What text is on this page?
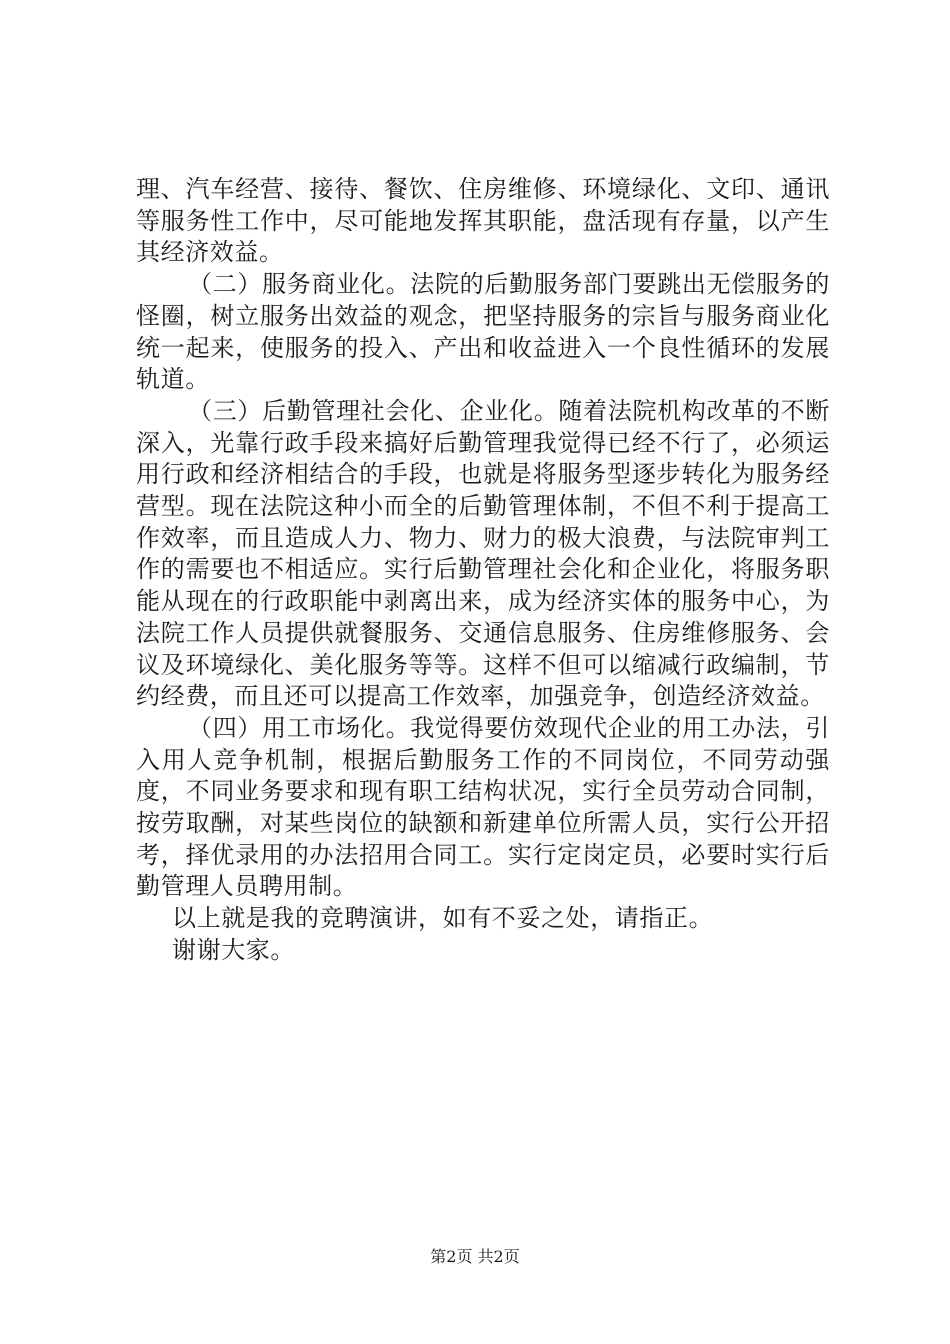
理、汽车经营、接待、餐饮、住房维修、环境绿化、文印、通讯等服务性工作中，尽可能地发挥其职能，盘活现有存量，以产生其经济效益。

（二）服务商业化。法院的后勤服务部门要跳出无偿服务的怪圈，树立服务出效益的观念，把坚持服务的宗旨与服务商业化统一起来，使服务的投入、产出和收益进入一个良性循环的发展轨道。

（三）后勤管理社会化、企业化。随着法院机构改革的不断深入，光靠行政手段来搞好后勤管理我觉得已经不行了，必须运用行政和经济相结合的手段，也就是将服务型逐步转化为服务经营型。现在法院这种小而全的后勤管理体制，不但不利于提高工作效率，而且造成人力、物力、财力的极大浪费，与法院审判工作的需要也不相适应。实行后勤管理社会化和企业化，将服务职能从现在的行政职能中剥离出来，成为经济实体的服务中心，为法院工作人员提供就餐服务、交通信息服务、住房维修服务、会议及环境绿化、美化服务等等。这样不但可以缩减行政编制，节约经费，而且还可以提高工作效率，加强竞争，创造经济效益。

（四）用工市场化。我觉得要仿效现代企业的用工办法，引入用人竞争机制，根据后勤服务工作的不同岗位，不同劳动强度，不同业务要求和现有职工结构状况，实行全员劳动合同制，按劳取酬，对某些岗位的缺额和新建单位所需人员，实行公开招考，择优录用的办法招用合同工。实行定岗定员，必要时实行后勤管理人员聘用制。

以上就是我的竞聘演讲，如有不妥之处，请指正。

谢谢大家。

第2页 共2页
